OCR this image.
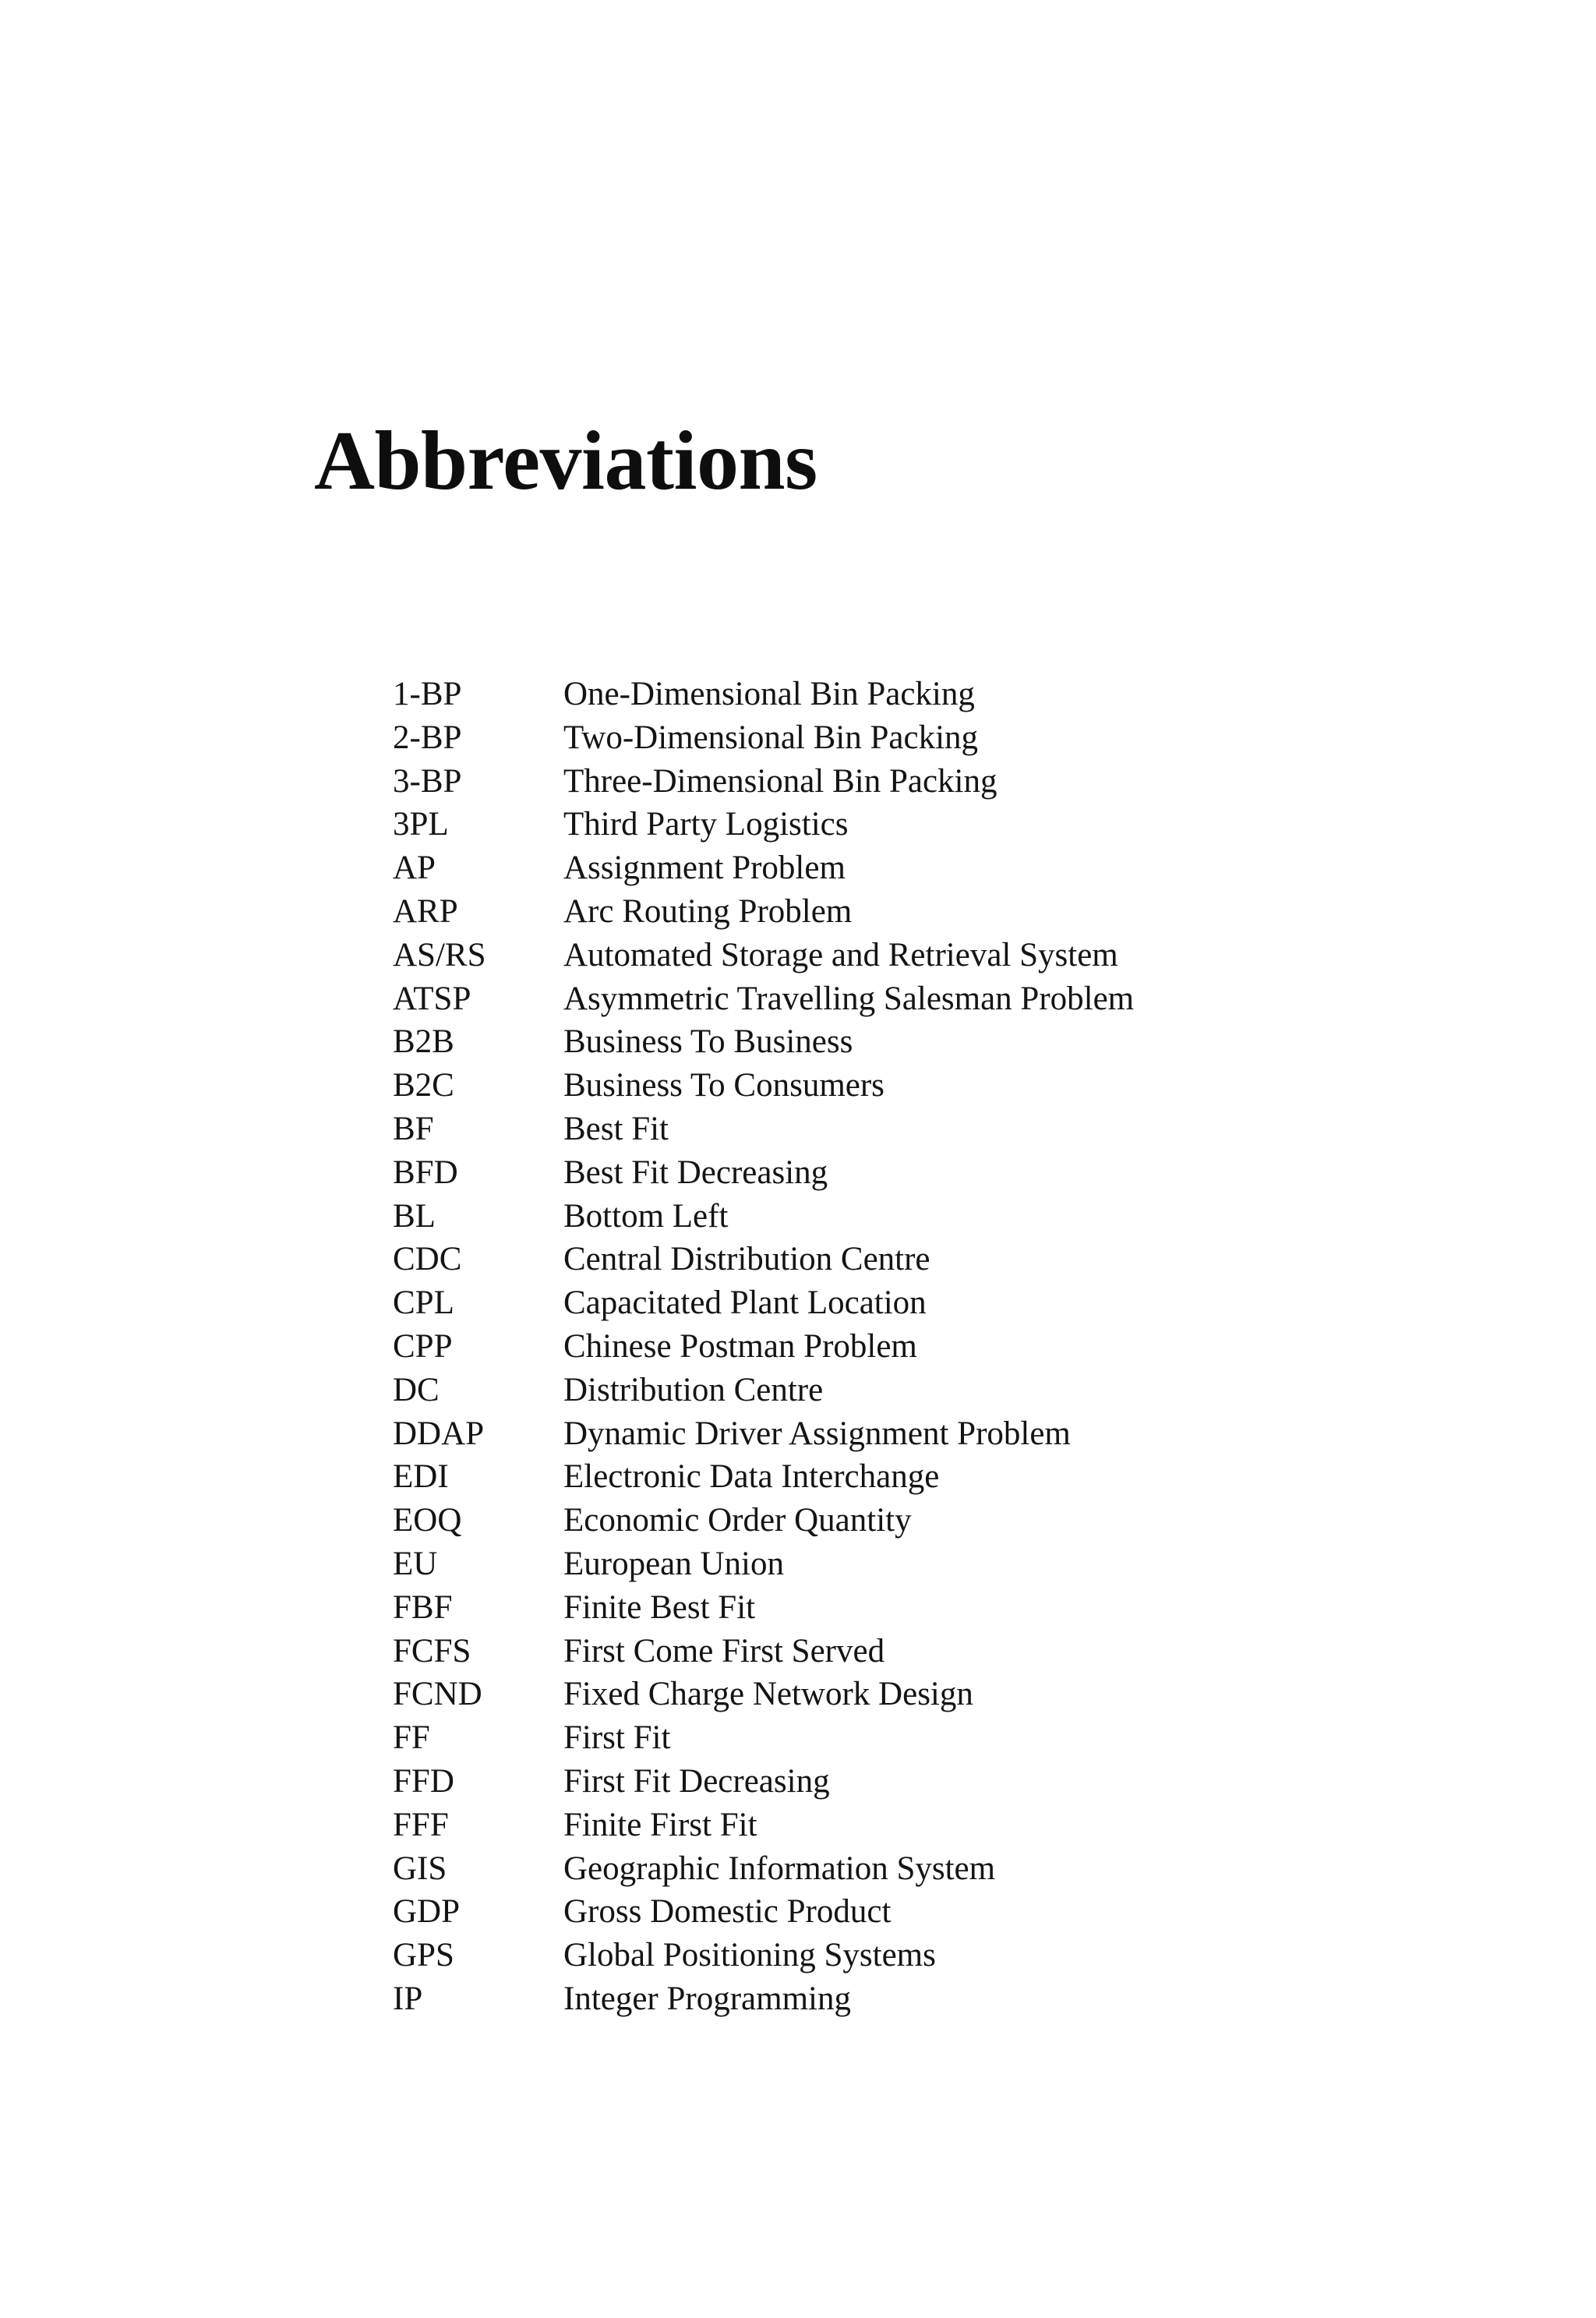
Abbreviations
1-BP	One-Dimensional Bin Packing
2-BP	Two-Dimensional Bin Packing
3-BP	Three-Dimensional Bin Packing
3PL	Third Party Logistics
AP	Assignment Problem
ARP	Arc Routing Problem
AS/RS	Automated Storage and Retrieval System
ATSP	Asymmetric Travelling Salesman Problem
B2B	Business To Business
B2C	Business To Consumers
BF	Best Fit
BFD	Best Fit Decreasing
BL	Bottom Left
CDC	Central Distribution Centre
CPL	Capacitated Plant Location
CPP	Chinese Postman Problem
DC	Distribution Centre
DDAP	Dynamic Driver Assignment Problem
EDI	Electronic Data Interchange
EOQ	Economic Order Quantity
EU	European Union
FBF	Finite Best Fit
FCFS	First Come First Served
FCND	Fixed Charge Network Design
FF	First Fit
FFD	First Fit Decreasing
FFF	Finite First Fit
GIS	Geographic Information System
GDP	Gross Domestic Product
GPS	Global Positioning Systems
IP	Integer Programming
